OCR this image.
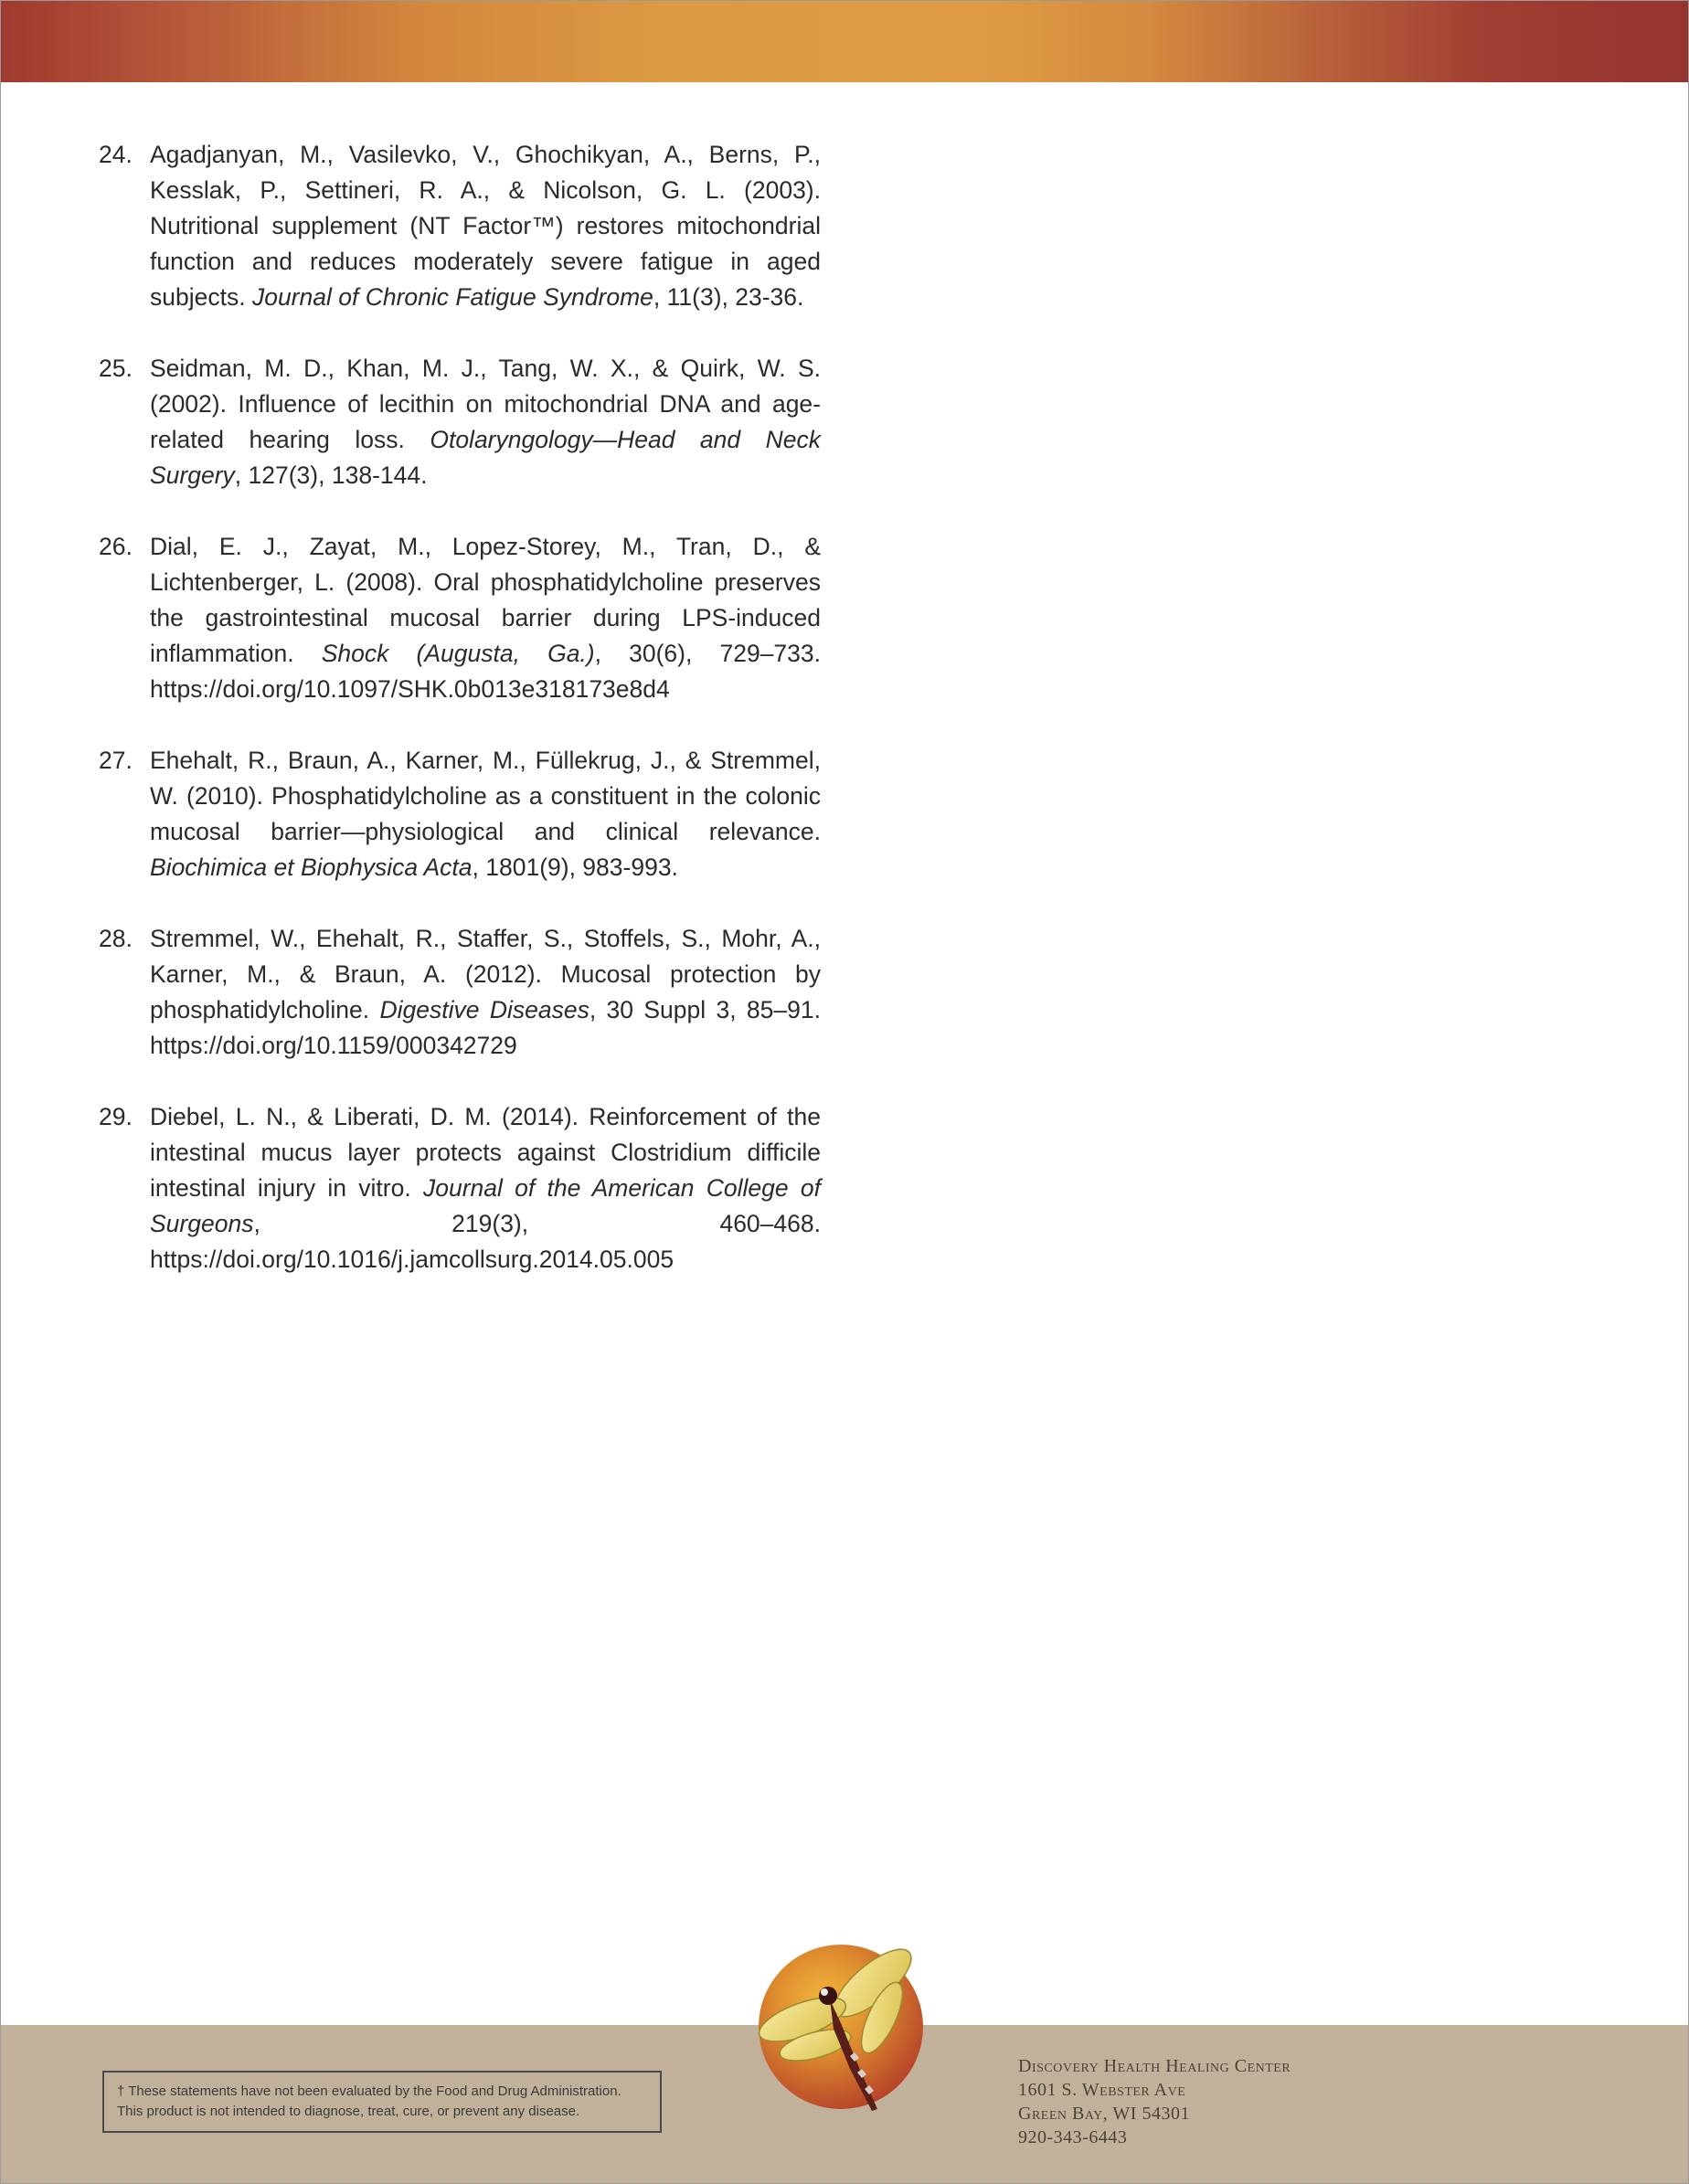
24. Agadjanyan, M., Vasilevko, V., Ghochikyan, A., Berns, P., Kesslak, P., Settineri, R. A., & Nicolson, G. L. (2003). Nutritional supplement (NT Factor™) restores mitochondrial function and reduces moderately severe fatigue in aged subjects. Journal of Chronic Fatigue Syndrome, 11(3), 23-36.
25. Seidman, M. D., Khan, M. J., Tang, W. X., & Quirk, W. S. (2002). Influence of lecithin on mitochondrial DNA and age-related hearing loss. Otolaryngology—Head and Neck Surgery, 127(3), 138-144.
26. Dial, E. J., Zayat, M., Lopez-Storey, M., Tran, D., & Lichtenberger, L. (2008). Oral phosphatidylcholine preserves the gastrointestinal mucosal barrier during LPS-induced inflammation. Shock (Augusta, Ga.), 30(6), 729–733. https://doi.org/10.1097/SHK.0b013e318173e8d4
27. Ehehalt, R., Braun, A., Karner, M., Füllekrug, J., & Stremmel, W. (2010). Phosphatidylcholine as a constituent in the colonic mucosal barrier—physiological and clinical relevance. Biochimica et Biophysica Acta, 1801(9), 983-993.
28. Stremmel, W., Ehehalt, R., Staffer, S., Stoffels, S., Mohr, A., Karner, M., & Braun, A. (2012). Mucosal protection by phosphatidylcholine. Digestive Diseases, 30 Suppl 3, 85–91. https://doi.org/10.1159/000342729
29. Diebel, L. N., & Liberati, D. M. (2014). Reinforcement of the intestinal mucus layer protects against Clostridium difficile intestinal injury in vitro. Journal of the American College of Surgeons, 219(3), 460–468. https://doi.org/10.1016/j.jamcollsurg.2014.05.005
† These statements have not been evaluated by the Food and Drug Administration.
This product is not intended to diagnose, treat, cure, or prevent any disease.
Discovery Health Healing Center
1601 S. Webster Ave
Green Bay, WI 54301
920-343-6443
